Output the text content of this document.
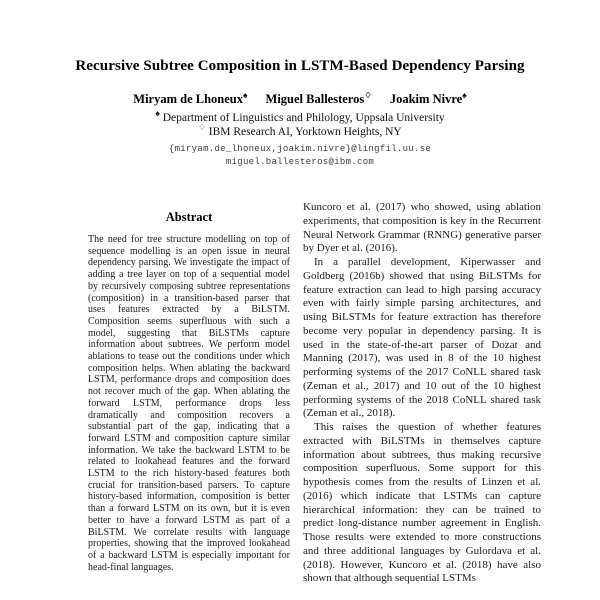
Recursive Subtree Composition in LSTM-Based Dependency Parsing
Miryam de Lhoneux♠ Miguel Ballesteros♢ Joakim Nivre♠
♠ Department of Linguistics and Philology, Uppsala University
♢ IBM Research AI, Yorktown Heights, NY
{miryam.de_lhoneux,joakim.nivre}@lingfil.uu.se
miguel.ballesteros@ibm.com
Abstract

The need for tree structure modelling on top of sequence modelling is an open issue in neural dependency parsing. We investigate the impact of adding a tree layer on top of a sequential model by recursively composing subtree representations (composition) in a transition-based parser that uses features extracted by a BiLSTM. Composition seems superfluous with such a model, suggesting that BiLSTMs capture information about subtrees. We perform model ablations to tease out the conditions under which composition helps. When ablating the backward LSTM, performance drops and composition does not recover much of the gap. When ablating the forward LSTM, performance drops less dramatically and composition recovers a substantial part of the gap, indicating that a forward LSTM and composition capture similar information. We take the backward LSTM to be related to lookahead features and the forward LSTM to the rich history-based features both crucial for transition-based parsers. To capture history-based information, composition is better than a forward LSTM on its own, but it is even better to have a forward LSTM as part of a BiLSTM. We correlate results with language properties, showing that the improved lookahead of a backward LSTM is especially important for head-final languages.

Kuncoro et al. (2017) who showed, using ablation experiments, that composition is key in the Recurrent Neural Network Grammar (RNNG) generative parser by Dyer et al. (2016).

In a parallel development, Kiperwasser and Goldberg (2016b) showed that using BiLSTMs for feature extraction can lead to high parsing accuracy even with fairly simple parsing architectures, and using BiLSTMs for feature extraction has therefore become very popular in dependency parsing. It is used in the state-of-the-art parser of Dozat and Manning (2017), was used in 8 of the 10 highest performing systems of the 2017 CoNLL shared task (Zeman et al., 2017) and 10 out of the 10 highest performing systems of the 2018 CoNLL shared task (Zeman et al., 2018).

This raises the question of whether features extracted with BiLSTMs in themselves capture information about subtrees, thus making recursive composition superfluous. Some support for this hypothesis comes from the results of Linzen et al. (2016) which indicate that LSTMs can capture hierarchical information: they can be trained to predict long-distance number agreement in English. Those results were extended to more constructions and three additional languages by Gulordava et al. (2018). However, Kuncoro et al. (2018) have also shown that although sequential LSTMs
